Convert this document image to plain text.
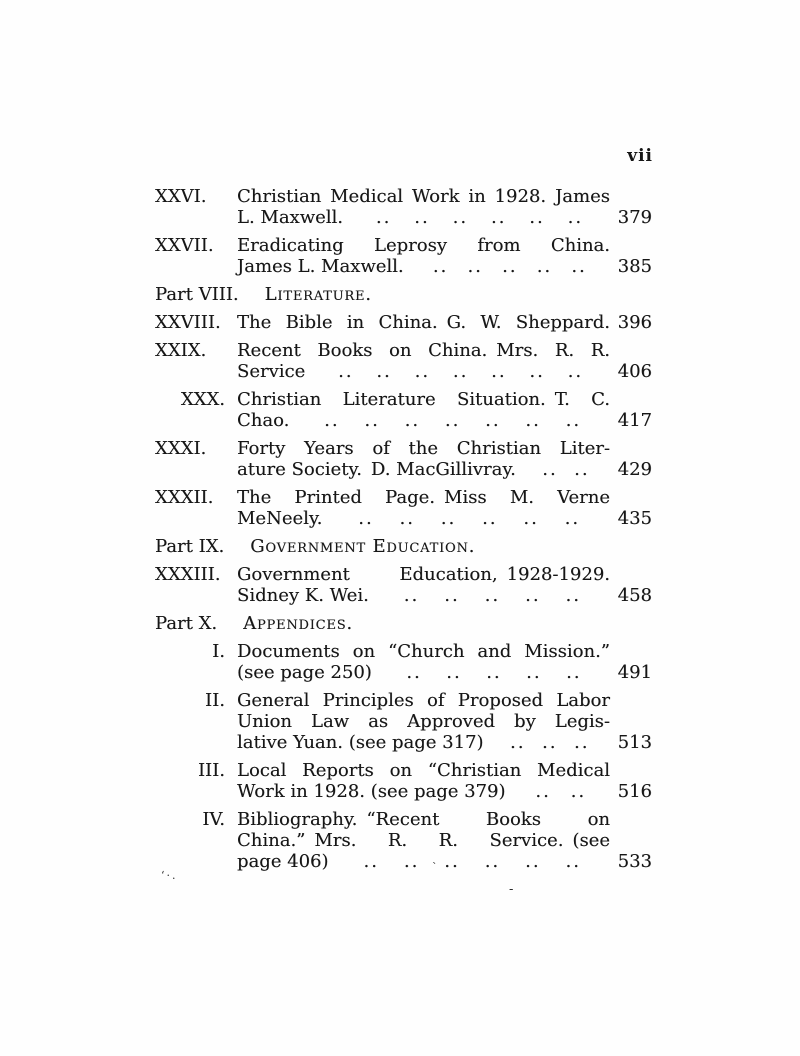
vii
XXVI.	Christian Medical Work in 1928. James
L. Maxwell. .. .. .. .. .. ..	379
XXVII.	Eradicating Leprosy from China.
James L. Maxwell. .. .. .. .. ..	385
Part VIII. Literature.
XXVIII. The Bible in China. G. W. Sheppard. 396
XXIX.	Recent Books on China. Mrs. R. R.
Service .. .. .. .. .. .. ..	406
XXX. Christian Literature Situation. T. C.
Chao. .. .. .. .. .. .. ..	417
XXXI.	Forty Years of the Christian Liter-
ature Society. D. MacGillivray. .. ..	429
XXXII.	The Printed Page. Miss M. Verne
MeNeely. .. .. .. .. .. ..	435
Part IX. Government Education.
XXXIII. Government Education, 1928-1929.
Sidney K. Wei. .. .. .. .. ..	458
Part X. Appendices.
I. Documents on “Church and Mission.”
(see page 250) .. .. .. .. ..	491
II. General Principles of Proposed Labor
Union Law as Approved by Legis-
lative Yuan. (see page 317) .. .. ..	513
III. Local Reports on “Christian Medical
Work in 1928. (see page 379) .. ..	516
IV. Bibliography. “Recent Books on
China.” Mrs. R. R. Service. (see
page 406) .. .. .. .. .. ..	533
ʻ·.
`
-
